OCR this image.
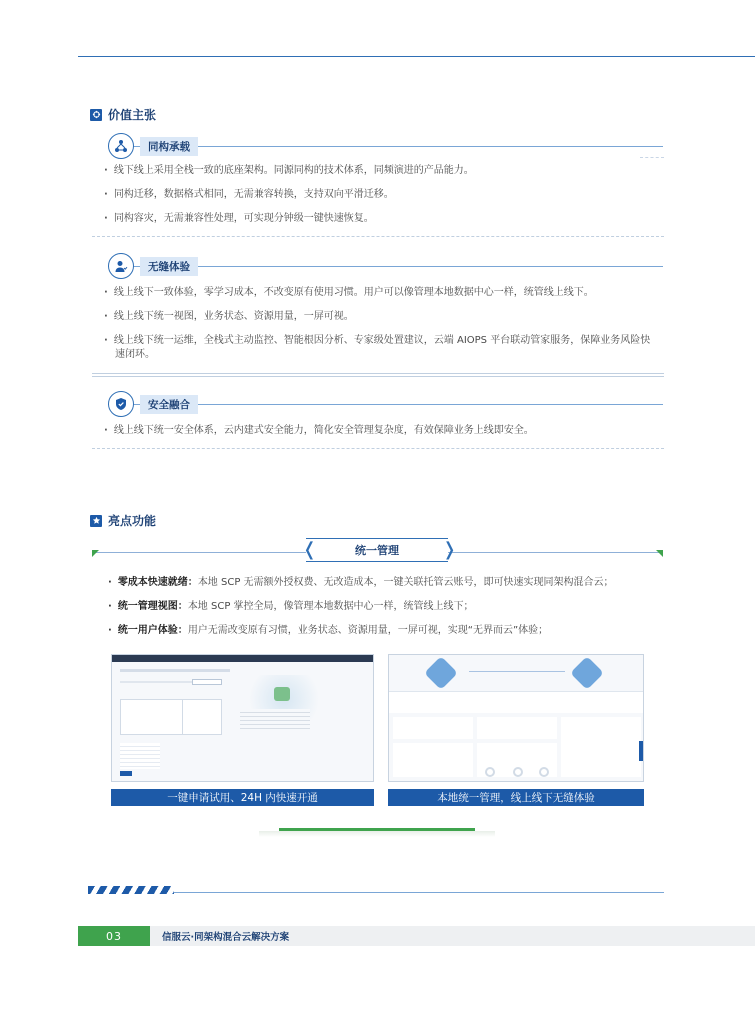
价值主张
同构承载

· 线下线上采用全栈一致的底座架构。同源同构的技术体系，同频演进的产品能力。

· 同构迁移，数据格式相同，无需兼容转换，支持双向平滑迁移。

· 同构容灾，无需兼容性处理，可实现分钟级一键快速恢复。

无缝体验

· 线上线下一致体验，零学习成本，不改变原有使用习惯。用户可以像管理本地数据中心一样，统管线上线下。

· 线上线下统一视图，业务状态、资源用量，一屏可视。

· 线上线下统一运维，全栈式主动监控、智能根因分析、专家级处置建议，云端 AIOPS 平台联动管家服务，保障业务风险快速闭环。

安全融合

· 线上线下统一安全体系，云内建式安全能力，简化安全管理复杂度，有效保障业务上线即安全。

亮点功能
❬	统一管理 ❭

· 零成本快速就绪：本地 SCP 无需额外授权费、无改造成本，一键关联托管云账号，即可快速实现同架构混合云；

· 统一管理视图：本地 SCP 掌控全局，像管理本地数据中心一样，统管线上线下；

· 统一用户体验：用户无需改变原有习惯，业务状态、资源用量，一屏可视，实现“无界而云”体验；

一键申请试用、24H 内快速开通	本地统一管理，线上线下无缝体验
03	信服云·同架构混合云解决方案
